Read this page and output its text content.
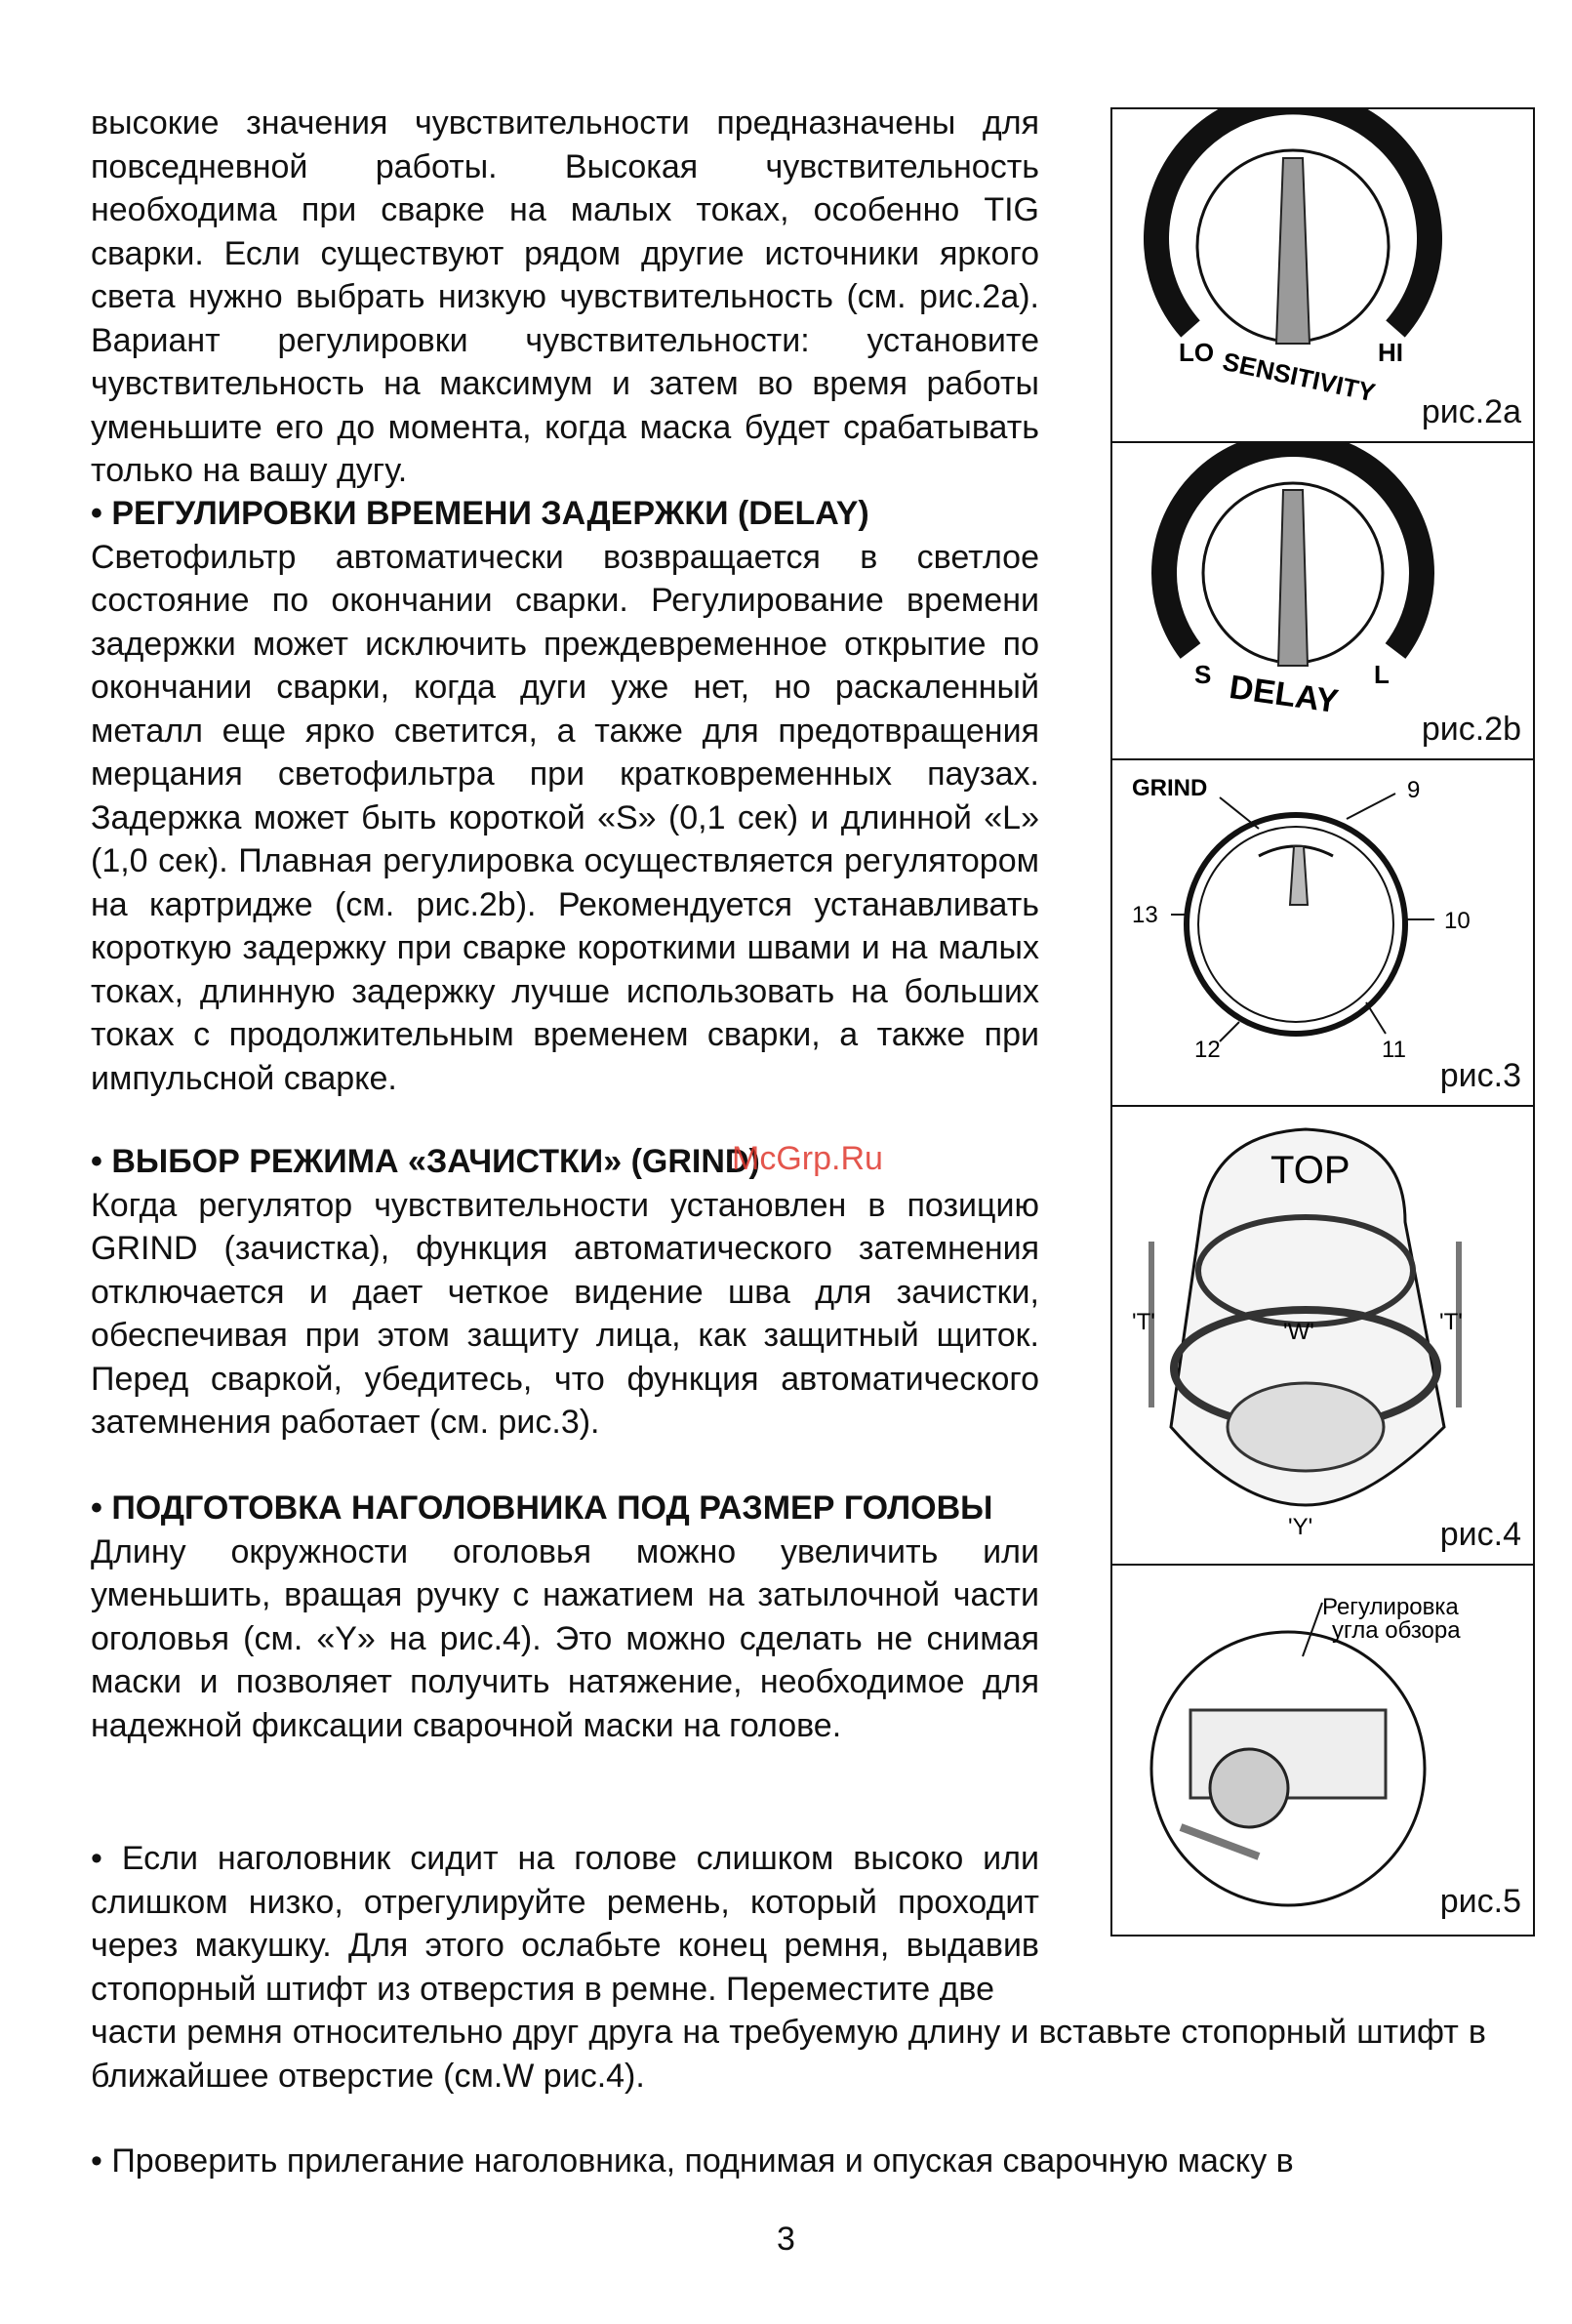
высокие значения чувствительности предназначены для повседневной работы. Высокая чувствительность необходима при сварке на малых токах, особенно TIG сварки. Если существуют рядом другие источники яркого света нужно выбрать низкую чувствительность (см. рис.2a). Вариант регулировки чувствительности: установите чувствительность на максимум и затем во время работы уменьшите его до момента, когда маска будет срабатывать только на вашу дугу.

• РЕГУЛИРОВКИ ВРЕМЕНИ ЗАДЕРЖКИ (DELAY)

Светофильтр автоматически возвращается в светлое состояние по окончании сварки. Регулирование времени задержки может исключить преждевременное открытие по окончании сварки, когда дуги уже нет, но раскаленный металл еще ярко светится, а также для предотвращения мерцания светофильтра при кратковременных паузах. Задержка может быть короткой «S» (0,1 сек) и длинной «L» (1,0 сек). Плавная регулировка осуществляется регулятором на картридже (см. рис.2b). Рекомендуется устанавливать короткую задержку при сварке короткими швами и на малых токах, длинную задержку лучше использовать на больших токах с продолжительным временем сварки, а также при импульсной сварке.

• ВЫБОР РЕЖИМА «ЗАЧИСТКИ» (GRIND)

Когда регулятор чувствительности установлен в позицию GRIND (зачистка), функция автоматического затемнения отключается и дает четкое видение шва для зачистки, обеспечивая при этом защиту лица, как защитный щиток. Перед сваркой, убедитесь, что функция автоматического затемнения работает (см. рис.3).

McGrp.Ru

• ПОДГОТОВКА НАГОЛОВНИКА ПОД РАЗМЕР ГОЛОВЫ

Длину окружности оголовья можно увеличить или уменьшить, вращая ручку с нажатием на затылочной части оголовья (см. «Y» на рис.4). Это можно сделать не снимая маски и позволяет получить натяжение, необходимое для надежной фиксации сварочной маски на голове.

• Если наголовник сидит на голове слишком высоко или слишком низко, отрегулируйте ремень, который проходит через макушку. Для этого ослабьте конец ремня, выдавив стопорный штифт из отверстия в ремне. Переместите две

части ремня относительно друг друга на требуемую длину и вставьте стопорный штифт в ближайшее отверстие (см.W рис.4).

• Проверить прилегание наголовника, поднимая и опуская сварочную маску в

LO	HI
SENSITIVITY
рис.2a
S	L
DELAY
рис.2b
GRIND	9
10
11
12
13
рис.3
TOP
'T'	'T'
'W'
'Y'	рис.4
Регулировка
угла обзора
рис.5
3
